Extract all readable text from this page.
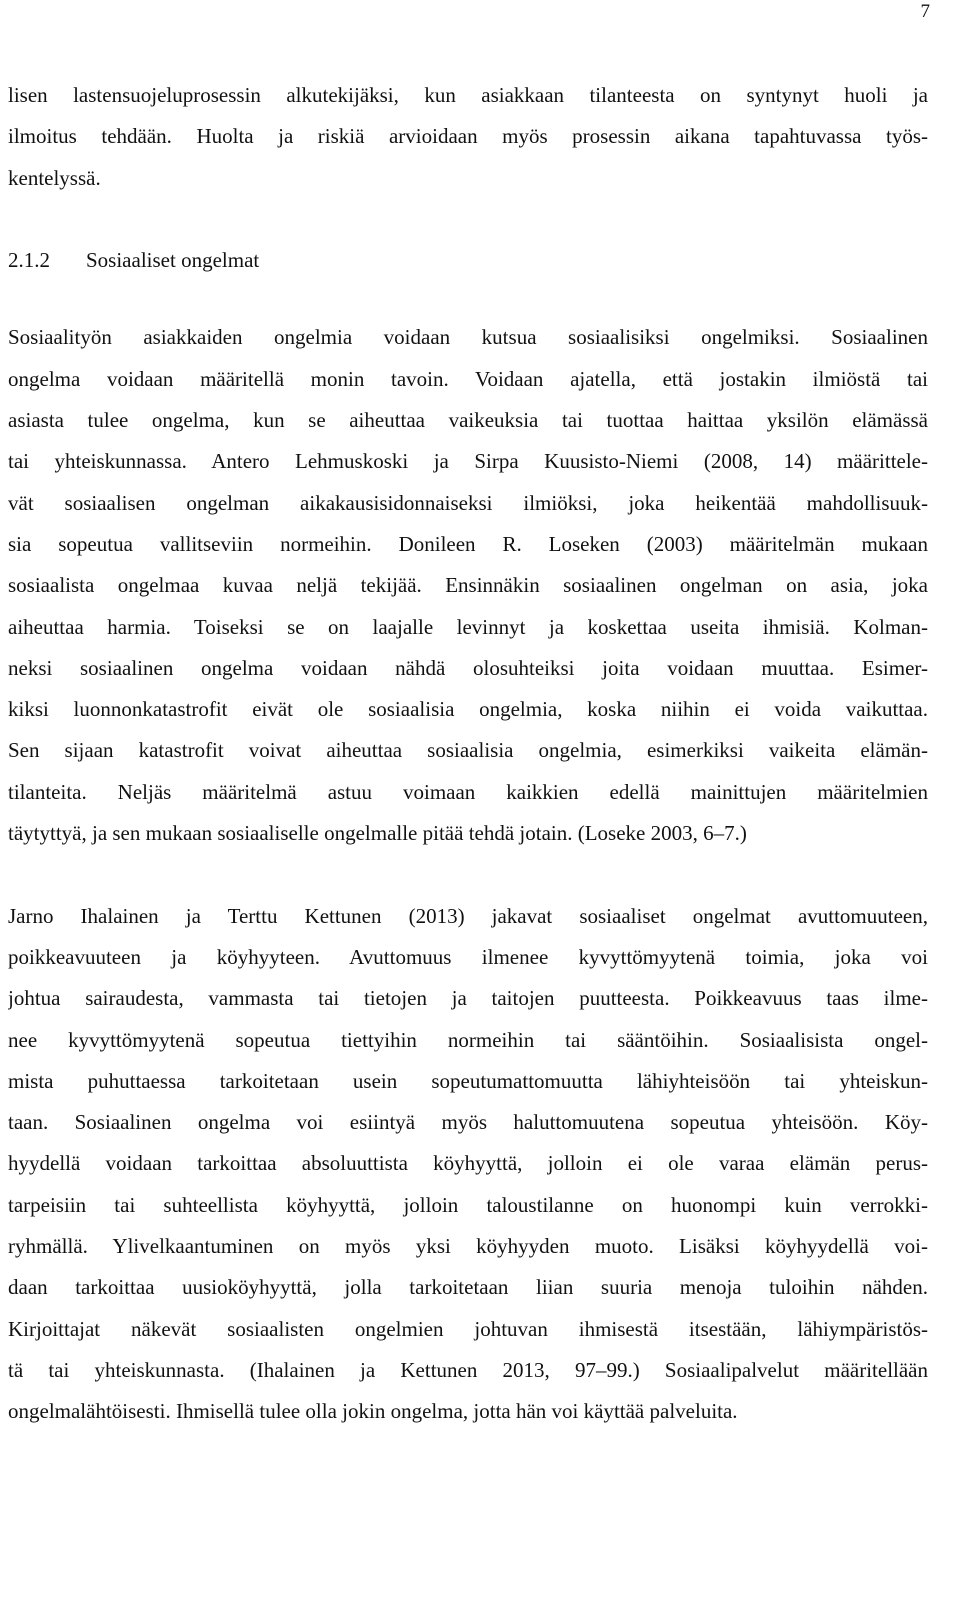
7
lisen lastensuojeluprosessin alkutekijäksi, kun asiakkaan tilanteesta on syntynyt huoli ja
ilmoitus tehdään. Huolta ja riskiä arvioidaan myös prosessin aikana tapahtuvassa työs-
kentelyssä.
2.1.2 Sosiaaliset ongelmat
Sosiaalityön asiakkaiden ongelmia voidaan kutsua sosiaalisiksi ongelmiksi. Sosiaalinen
ongelma voidaan määritellä monin tavoin. Voidaan ajatella, että jostakin ilmiöstä tai
asiasta tulee ongelma, kun se aiheuttaa vaikeuksia tai tuottaa haittaa yksilön elämässä
tai yhteiskunnassa. Antero Lehmuskoski ja Sirpa Kuusisto-Niemi (2008, 14) määrittele-
vät sosiaalisen ongelman aikakausisidonnaiseksi ilmiöksi, joka heikentää mahdollisuuk-
sia sopeutua vallitseviin normeihin. Donileen R. Loseken (2003) määritelmän mukaan
sosiaalista ongelmaa kuvaa neljä tekijää. Ensinnäkin sosiaalinen ongelman on asia, joka
aiheuttaa harmia. Toiseksi se on laajalle levinnyt ja koskettaa useita ihmisiä. Kolman-
neksi sosiaalinen ongelma voidaan nähdä olosuhteiksi joita voidaan muuttaa. Esimer-
kiksi luonnonkatastrofit eivät ole sosiaalisia ongelmia, koska niihin ei voida vaikuttaa.
Sen sijaan katastrofit voivat aiheuttaa sosiaalisia ongelmia, esimerkiksi vaikeita elämän-
tilanteita. Neljäs määritelmä astuu voimaan kaikkien edellä mainittujen määritelmien
täytyttyä, ja sen mukaan sosiaaliselle ongelmalle pitää tehdä jotain. (Loseke 2003, 6–7.)
Jarno Ihalainen ja Terttu Kettunen (2013) jakavat sosiaaliset ongelmat avuttomuuteen,
poikkeavuuteen ja köyhyyteen. Avuttomuus ilmenee kyvyttömyytenä toimia, joka voi
johtua sairaudesta, vammasta tai tietojen ja taitojen puutteesta. Poikkeavuus taas ilme-
nee kyvyttömyytenä sopeutua tiettyihin normeihin tai sääntöihin. Sosiaalisista ongel-
mista puhuttaessa tarkoitetaan usein sopeutumattomuutta lähiyhteisöön tai yhteiskun-
taan. Sosiaalinen ongelma voi esiintyä myös haluttomuutena sopeutua yhteisöön. Köy-
hyydellä voidaan tarkoittaa absoluuttista köyhyyttä, jolloin ei ole varaa elämän perus-
tarpeisiin tai suhteellista köyhyyttä, jolloin taloustilanne on huonompi kuin verrokki-
ryhmällä. Ylivelkaantuminen on myös yksi köyhyyden muoto. Lisäksi köyhyydellä voi-
daan tarkoittaa uusioköyhyyttä, jolla tarkoitetaan liian suuria menoja tuloihin nähden.
Kirjoittajat näkevät sosiaalisten ongelmien johtuvan ihmisestä itsestään, lähiympäristös-
tä tai yhteiskunnasta. (Ihalainen ja Kettunen 2013, 97–99.) Sosiaalipalvelut määritellään
ongelmalähtöisesti. Ihmisellä tulee olla jokin ongelma, jotta hän voi käyttää palveluita.
